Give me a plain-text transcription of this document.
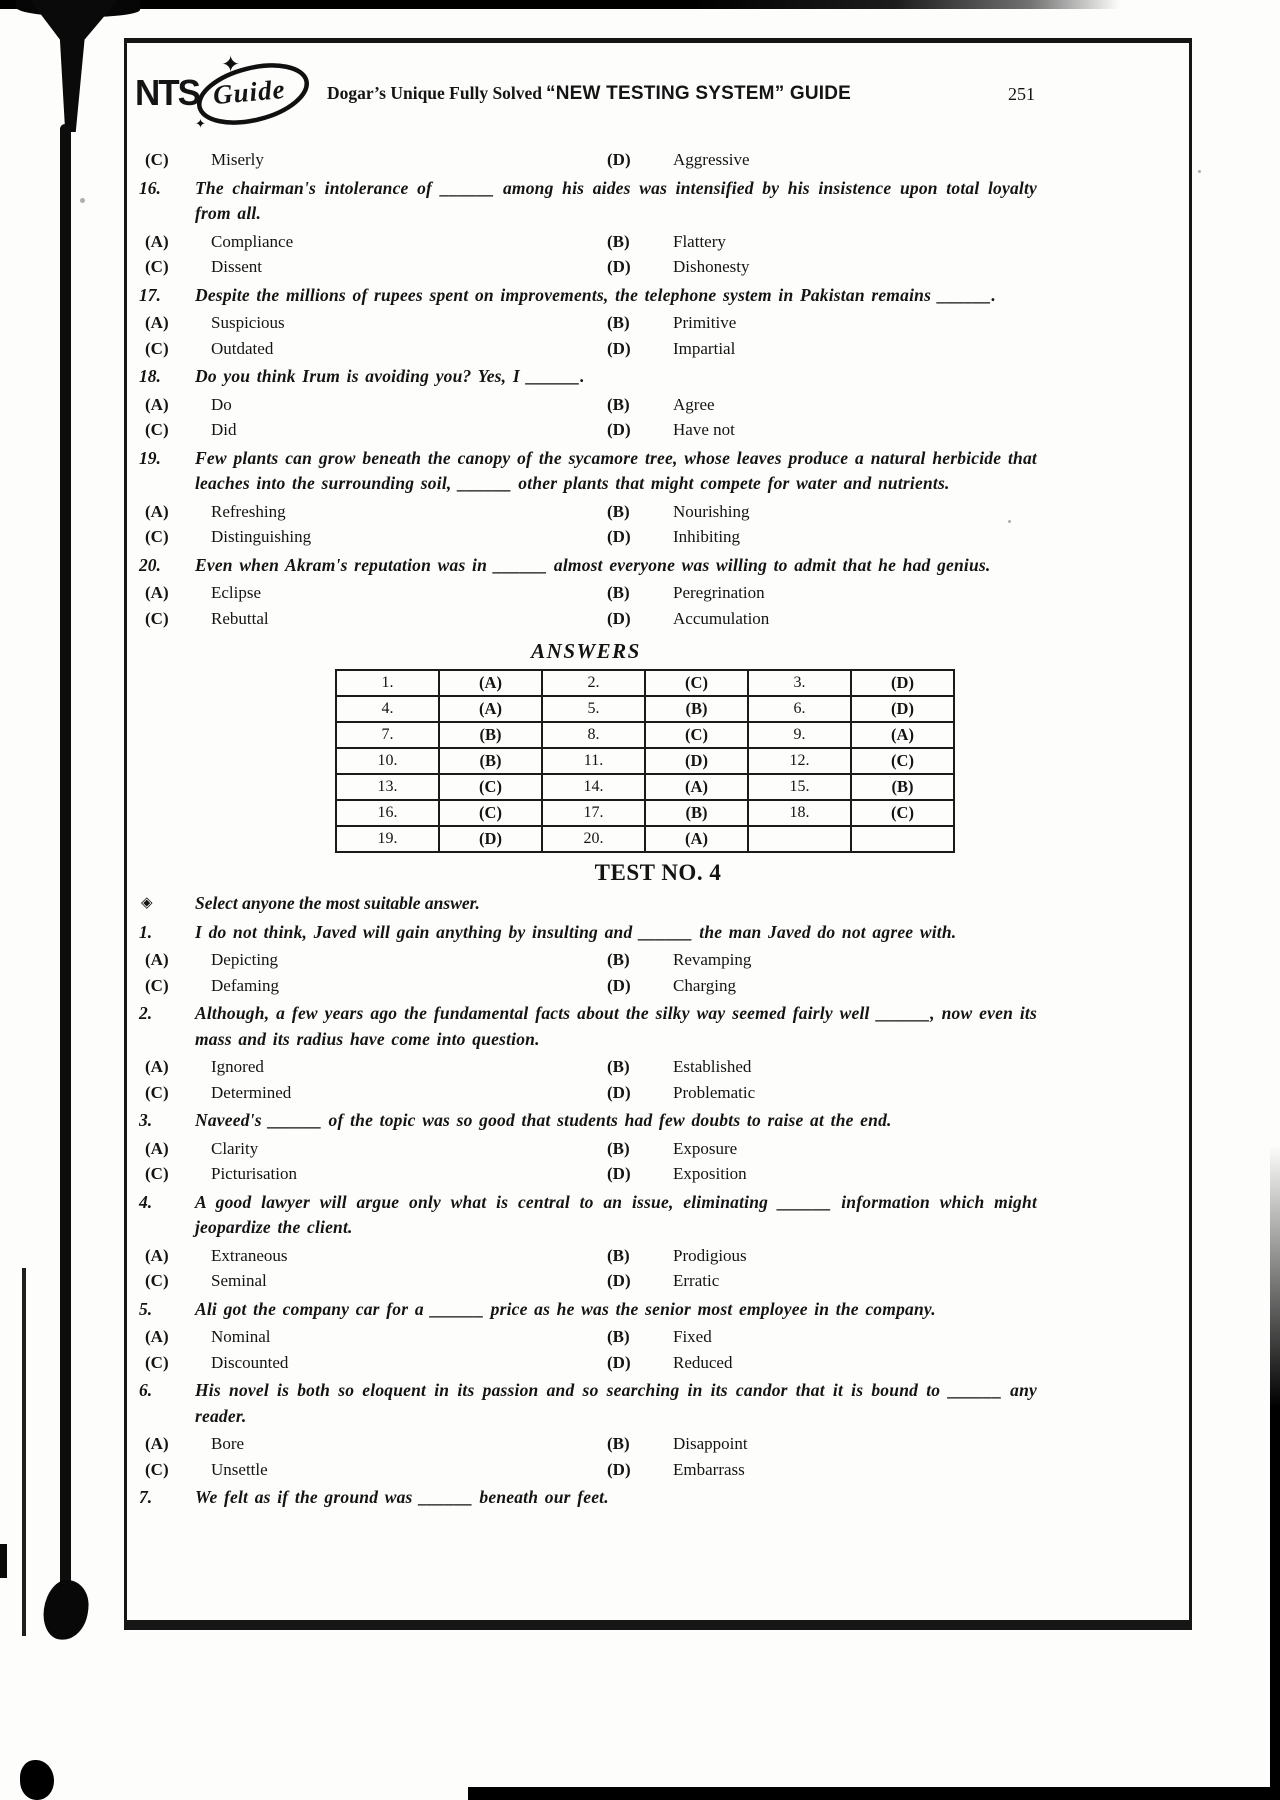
NTS Guide
✦
✦
Dogar’s Unique Fully Solved “NEW TESTING SYSTEM” GUIDE	251
(C)	Miserly	(D)	Aggressive
16.	The chairman's intolerance of ______ among his aides was intensified by his insistence upon total loyalty from all.
(A)	Compliance	(B)	Flattery
(C)	Dissent	(D)	Dishonesty
17.	Despite the millions of rupees spent on improvements, the telephone system in Pakistan remains ______.
(A)	Suspicious	(B)	Primitive
(C)	Outdated	(D)	Impartial
18.	Do you think Irum is avoiding you? Yes, I ______.
(A)	Do	(B)	Agree
(C)	Did	(D)	Have not
19.	Few plants can grow beneath the canopy of the sycamore tree, whose leaves produce a natural herbicide that leaches into the surrounding soil, ______ other plants that might compete for water and nutrients.
(A)	Refreshing	(B)	Nourishing
(C)	Distinguishing	(D)	Inhibiting
20.	Even when Akram's reputation was in ______ almost everyone was willing to admit that he had genius.
(A)	Eclipse	(B)	Peregrination
(C)	Rebuttal	(D)	Accumulation
ANSWERS
1.	(A)	2.	(C)	3.	(D)
4.	(A)	5.	(B)	6.	(D)
7.	(B)	8.	(C)	9.	(A)
10.	(B)	11.	(D)	12.	(C)
13.	(C)	14.	(A)	15.	(B)
16.	(C)	17.	(B)	18.	(C)
19.	(D)	20.	(A)		
TEST NO. 4
◈	Select anyone the most suitable answer.
1.	I do not think, Javed will gain anything by insulting and ______ the man Javed do not agree with.
(A)	Depicting	(B)	Revamping
(C)	Defaming	(D)	Charging
2.	Although, a few years ago the fundamental facts about the silky way seemed fairly well ______, now even its mass and its radius have come into question.
(A)	Ignored	(B)	Established
(C)	Determined	(D)	Problematic
3.	Naveed's ______ of the topic was so good that students had few doubts to raise at the end.
(A)	Clarity	(B)	Exposure
(C)	Picturisation	(D)	Exposition
4.	A good lawyer will argue only what is central to an issue, eliminating ______ information which might jeopardize the client.
(A)	Extraneous	(B)	Prodigious
(C)	Seminal	(D)	Erratic
5.	Ali got the company car for a ______ price as he was the senior most employee in the company.
(A)	Nominal	(B)	Fixed
(C)	Discounted	(D)	Reduced
6.	His novel is both so eloquent in its passion and so searching in its candor that it is bound to ______ any reader.
(A)	Bore	(B)	Disappoint
(C)	Unsettle	(D)	Embarrass
7.	We felt as if the ground was ______ beneath our feet.
